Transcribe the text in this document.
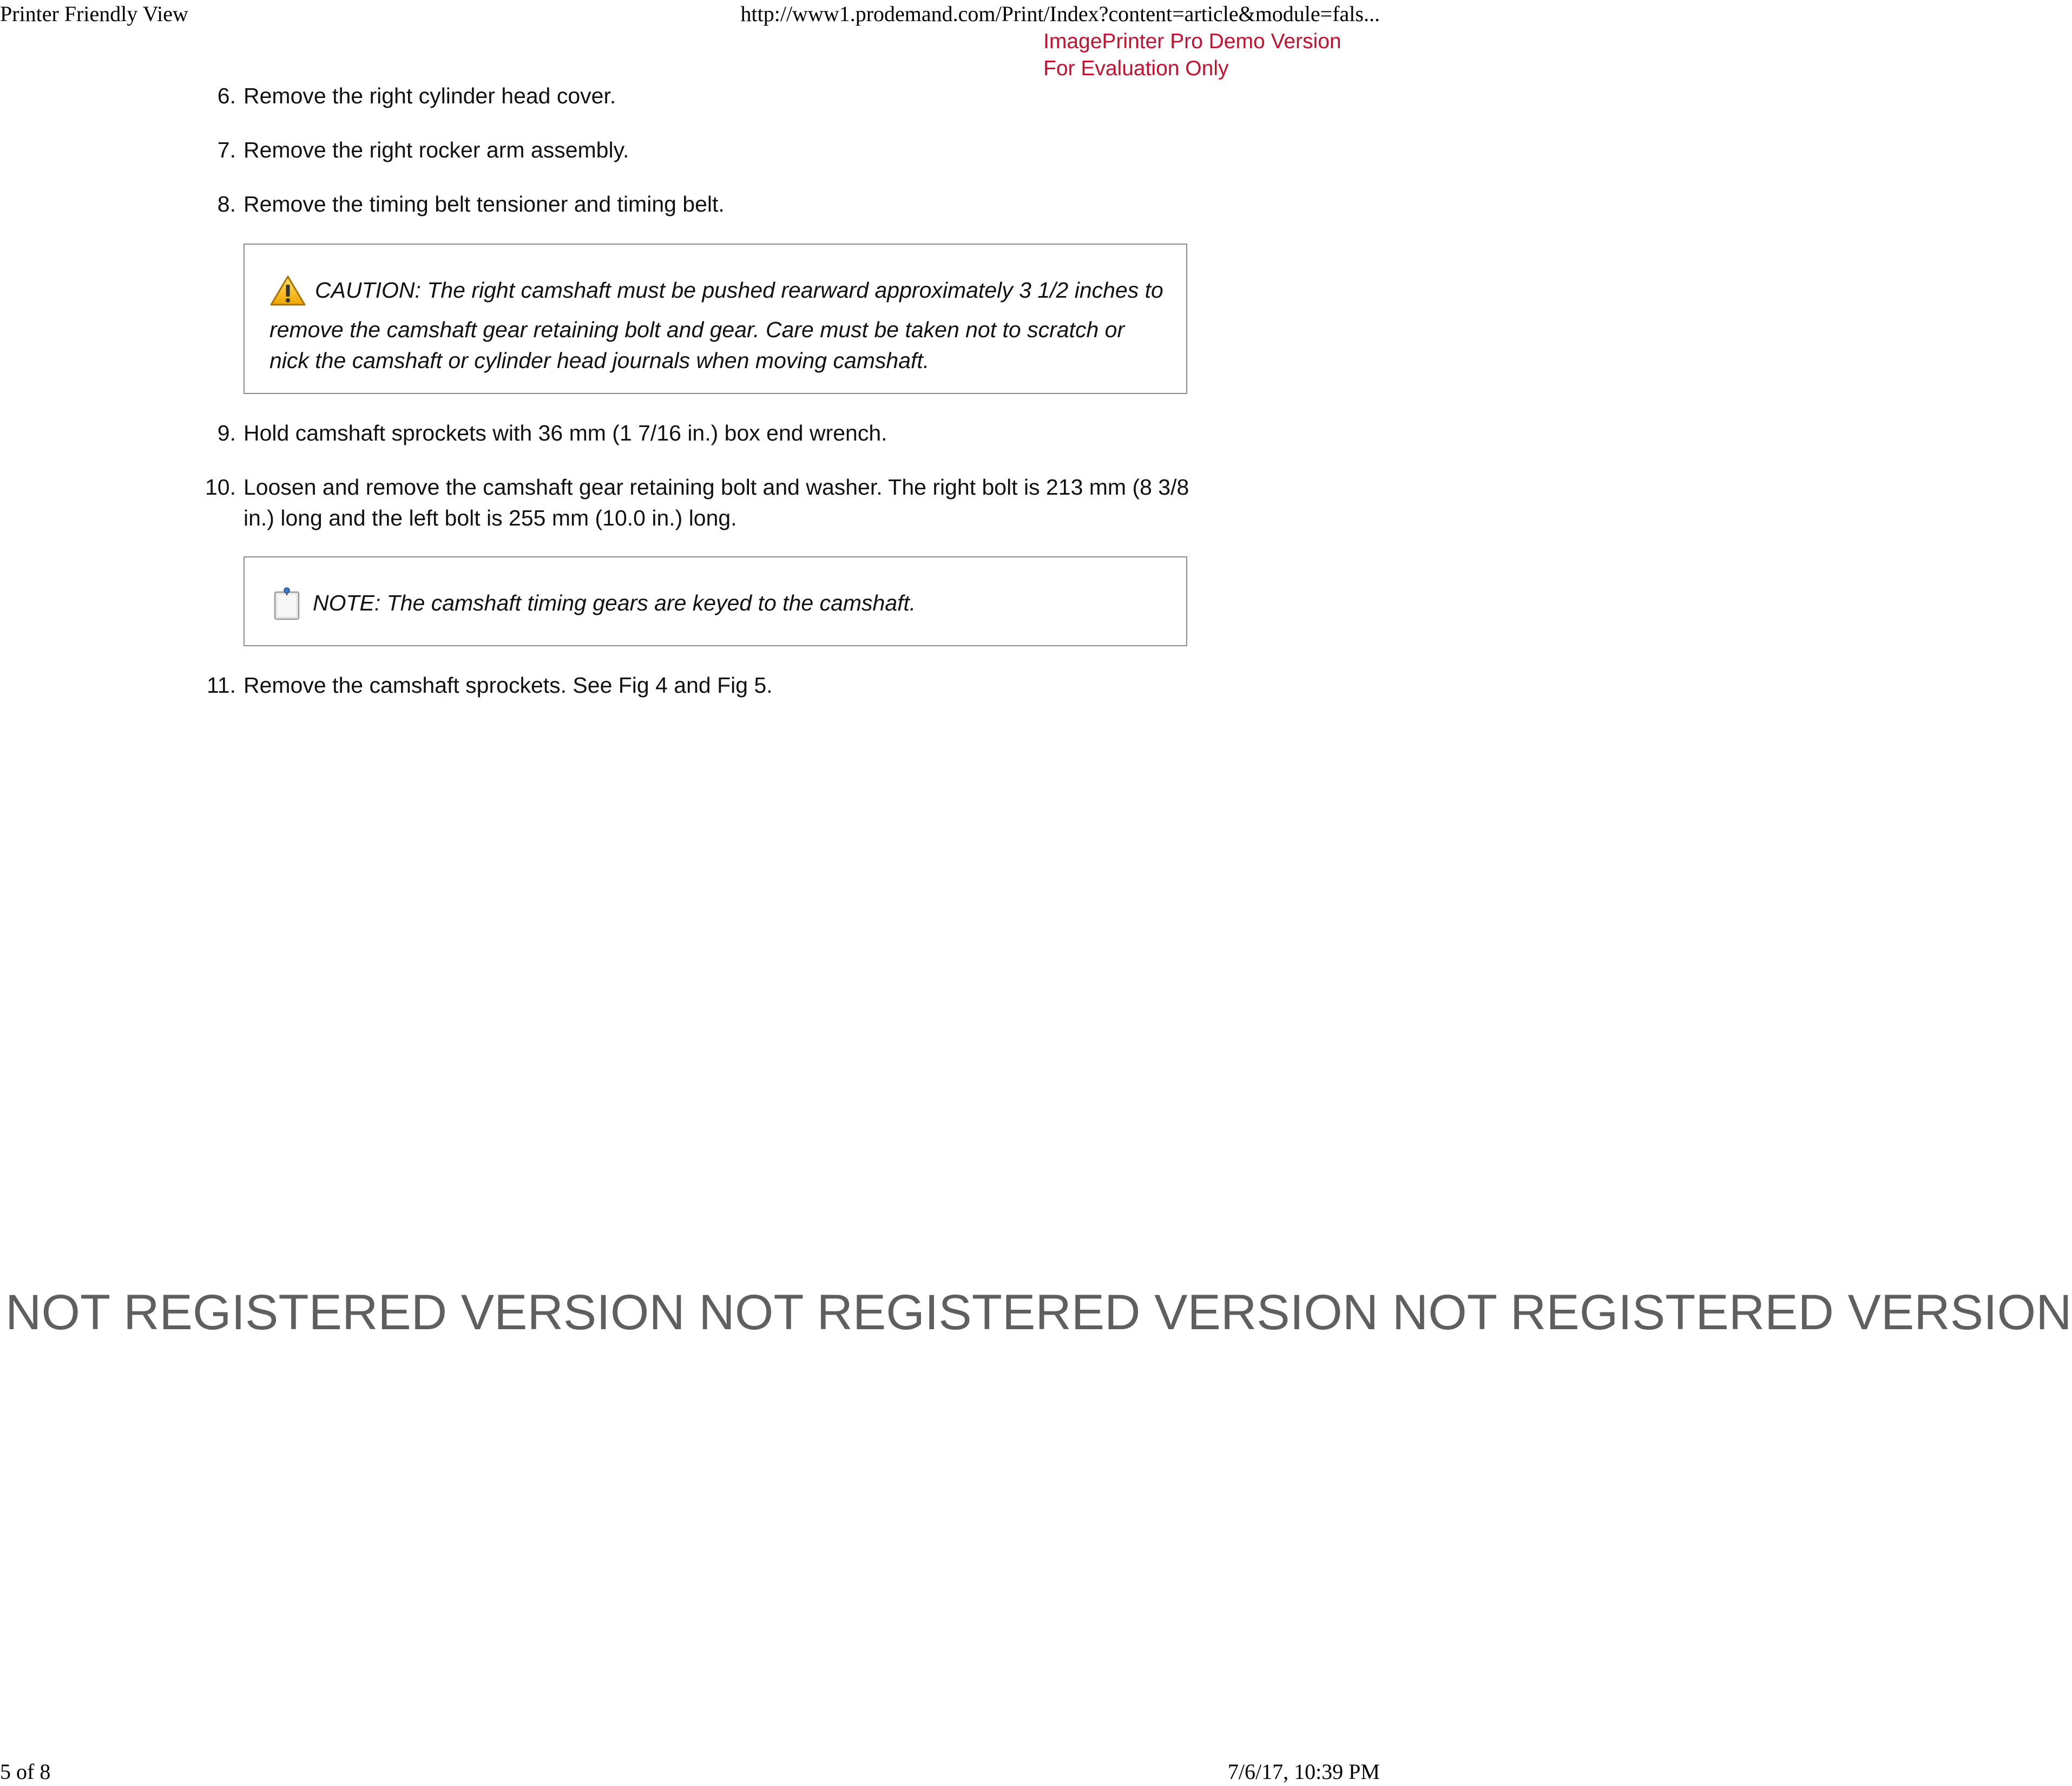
Printer Friendly View	http://www1.prodemand.com/Print/Index?content=article&module=fals...
ImagePrinter Pro Demo Version
For Evaluation Only
6. Remove the right cylinder head cover.
7. Remove the right rocker arm assembly.
8. Remove the timing belt tensioner and timing belt.
CAUTION: The right camshaft must be pushed rearward approximately 3 1/2 inches to remove the camshaft gear retaining bolt and gear. Care must be taken not to scratch or nick the camshaft or cylinder head journals when moving camshaft.
9. Hold camshaft sprockets with 36 mm (1 7/16 in.) box end wrench.
10. Loosen and remove the camshaft gear retaining bolt and washer. The right bolt is 213 mm (8 3/8 in.) long and the left bolt is 255 mm (10.0 in.) long.
NOTE: The camshaft timing gears are keyed to the camshaft.
11. Remove the camshaft sprockets. See Fig 4 and Fig 5.
NOT REGISTERED VERSION NOT REGISTERED VERSION NOT REGISTERED VERSION
5 of 8	7/6/17, 10:39 PM
